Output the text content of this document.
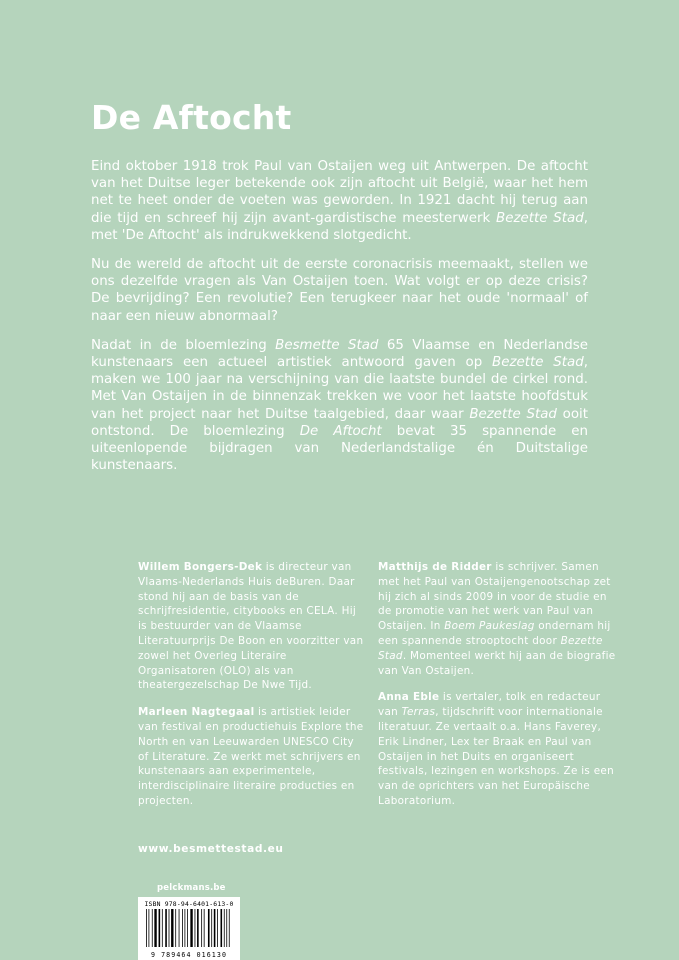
De Aftocht

Eind oktober 1918 trok Paul van Ostaijen weg uit Antwerpen. De aftocht van het Duitse leger betekende ook zijn aftocht uit België, waar het hem net te heet onder de voeten was geworden. In 1921 dacht hij terug aan die tijd en schreef hij zijn avant-gardistische meesterwerk Bezette Stad, met 'De Aftocht' als indrukwekkend slotgedicht.

Nu de wereld de aftocht uit de eerste coronacrisis meemaakt, stellen we ons dezelfde vragen als Van Ostaijen toen. Wat volgt er op deze crisis? De bevrijding? Een revolutie? Een terugkeer naar het oude 'normaal' of naar een nieuw abnormaal?

Nadat in de bloemlezing Besmette Stad 65 Vlaamse en Nederlandse kunstenaars een actueel artistiek antwoord gaven op Bezette Stad, maken we 100 jaar na verschijning van die laatste bundel de cirkel rond. Met Van Ostaijen in de binnenzak trekken we voor het laatste hoofdstuk van het project naar het Duitse taalgebied, daar waar Bezette Stad ooit ontstond. De bloemlezing De Aftocht bevat 35 spannende en uiteenlopende bijdragen van Nederlandstalige én Duitstalige kunstenaars.

Willem Bongers-Dek is directeur van Vlaams-Nederlands Huis deBuren. Daar stond hij aan de basis van de schrijfresidentie, citybooks en CELA. Hij is bestuurder van de Vlaamse Literatuurprijs De Boon en voorzitter van zowel het Overleg Literaire Organisatoren (OLO) als van theatergezelschap De Nwe Tijd.

Marleen Nagtegaal is artistiek leider van festival en productiehuis Explore the North en van Leeuwarden UNESCO City of Literature. Ze werkt met schrijvers en kunstenaars aan experimentele, interdisciplinaire literaire producties en projecten.

Matthijs de Ridder is schrijver. Samen met het Paul van Ostaijengenootschap zet hij zich al sinds 2009 in voor de studie en de promotie van het werk van Paul van Ostaijen. In Boem Paukeslag ondernam hij een spannende strooptocht door Bezette Stad. Momenteel werkt hij aan de biografie van Van Ostaijen.

Anna Eble is vertaler, tolk en redacteur van Terras, tijdschrift voor internationale literatuur. Ze vertaalt o.a. Hans Faverey, Erik Lindner, Lex ter Braak en Paul van Ostaijen in het Duits en organiseert festivals, lezingen en workshops. Ze is een van de oprichters van het Europäische Laboratorium.

www.besmettestad.eu
pelckmans.be
ISBN 978-94-6401-613-0
9 789464 016130
